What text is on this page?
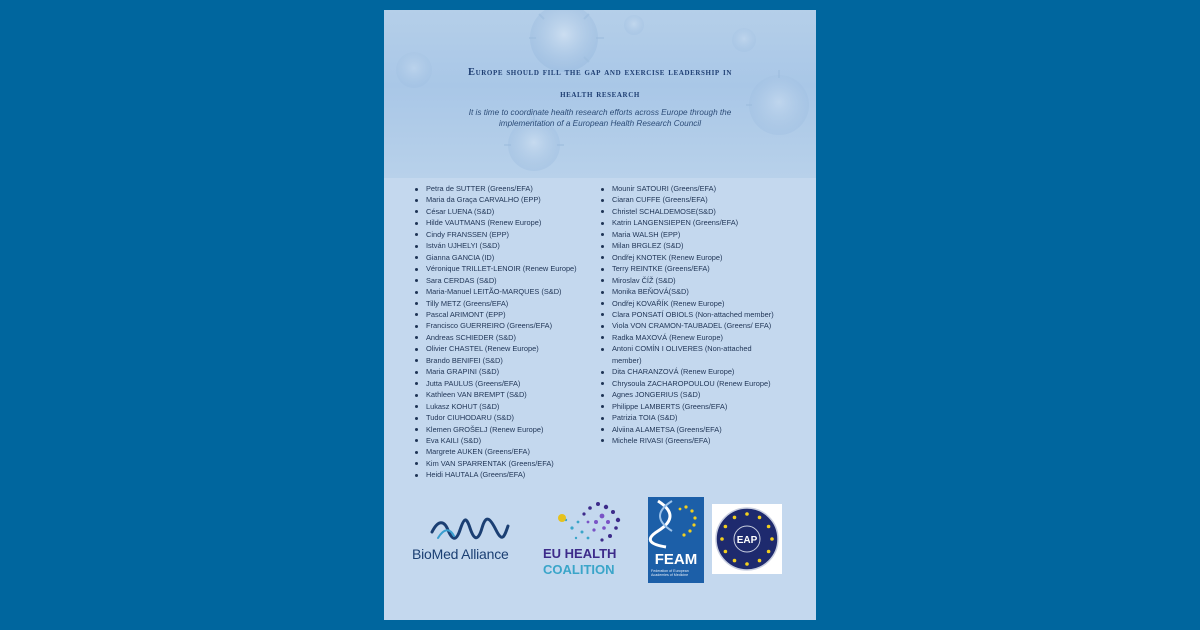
Europe should fill the gap and exercise leadership in
health research
It is time to coordinate health research efforts across Europe through the
implementation of a European Health Research Council
Petra de SUTTER (Greens/EFA)
Maria da Graça CARVALHO (EPP)
César LUENA (S&D)
Hilde VAUTMANS (Renew Europe)
Cindy FRANSSEN (EPP)
István UJHELYI (S&D)
Gianna GANCIA (ID)
Véronique TRILLET-LENOIR (Renew Europe)
Sara CERDAS (S&D)
Maria-Manuel LEITÃO-MARQUES (S&D)
Tilly METZ (Greens/EFA)
Pascal ARIMONT (EPP)
Francisco GUERREIRO (Greens/EFA)
Andreas SCHIEDER (S&D)
Olivier CHASTEL (Renew Europe)
Brando BENIFEI (S&D)
Maria GRAPINI (S&D)
Jutta PAULUS (Greens/EFA)
Kathleen VAN BREMPT (S&D)
Lukasz KOHUT (S&D)
Tudor CIUHODARU (S&D)
Klemen GROŠELJ (Renew Europe)
Eva KAILI (S&D)
Margrete AUKEN (Greens/EFA)
Kim VAN SPARRENTAK (Greens/EFA)
Heidi HAUTALA (Greens/EFA)
Mounir SATOURI (Greens/EFA)
Ciaran CUFFE (Greens/EFA)
Christel SCHALDEMOSE(S&D)
Katrin LANGENSIEPEN (Greens/EFA)
Maria WALSH (EPP)
Milan BRGLEZ (S&D)
Ondřej KNOTEK (Renew Europe)
Terry REINTKE (Greens/EFA)
Miroslav ČÍŽ (S&D)
Monika BEŇOVÁ(S&D)
Ondřej KOVAŘÍK (Renew Europe)
Clara PONSATÍ OBIOLS (Non-attached member)
Viola VON CRAMON-TAUBADEL (Greens/ EFA)
Radka MAXOVÁ (Renew Europe)
Antoni COMÍN I OLIVERES (Non-attached member)
Dita CHARANZOVÁ (Renew Europe)
Chrysoula ZACHAROPOULOU (Renew Europe)
Agnes JONGERIUS (S&D)
Philippe LAMBERTS (Greens/EFA)
Patrizia TOIA (S&D)
Alviina ALAMETSA (Greens/EFA)
Michele RIVASI (Greens/EFA)
BioMed Alliance	EU HEALTH
COALITION
FEAM
Federation of European Academies of Medicine
EAP
